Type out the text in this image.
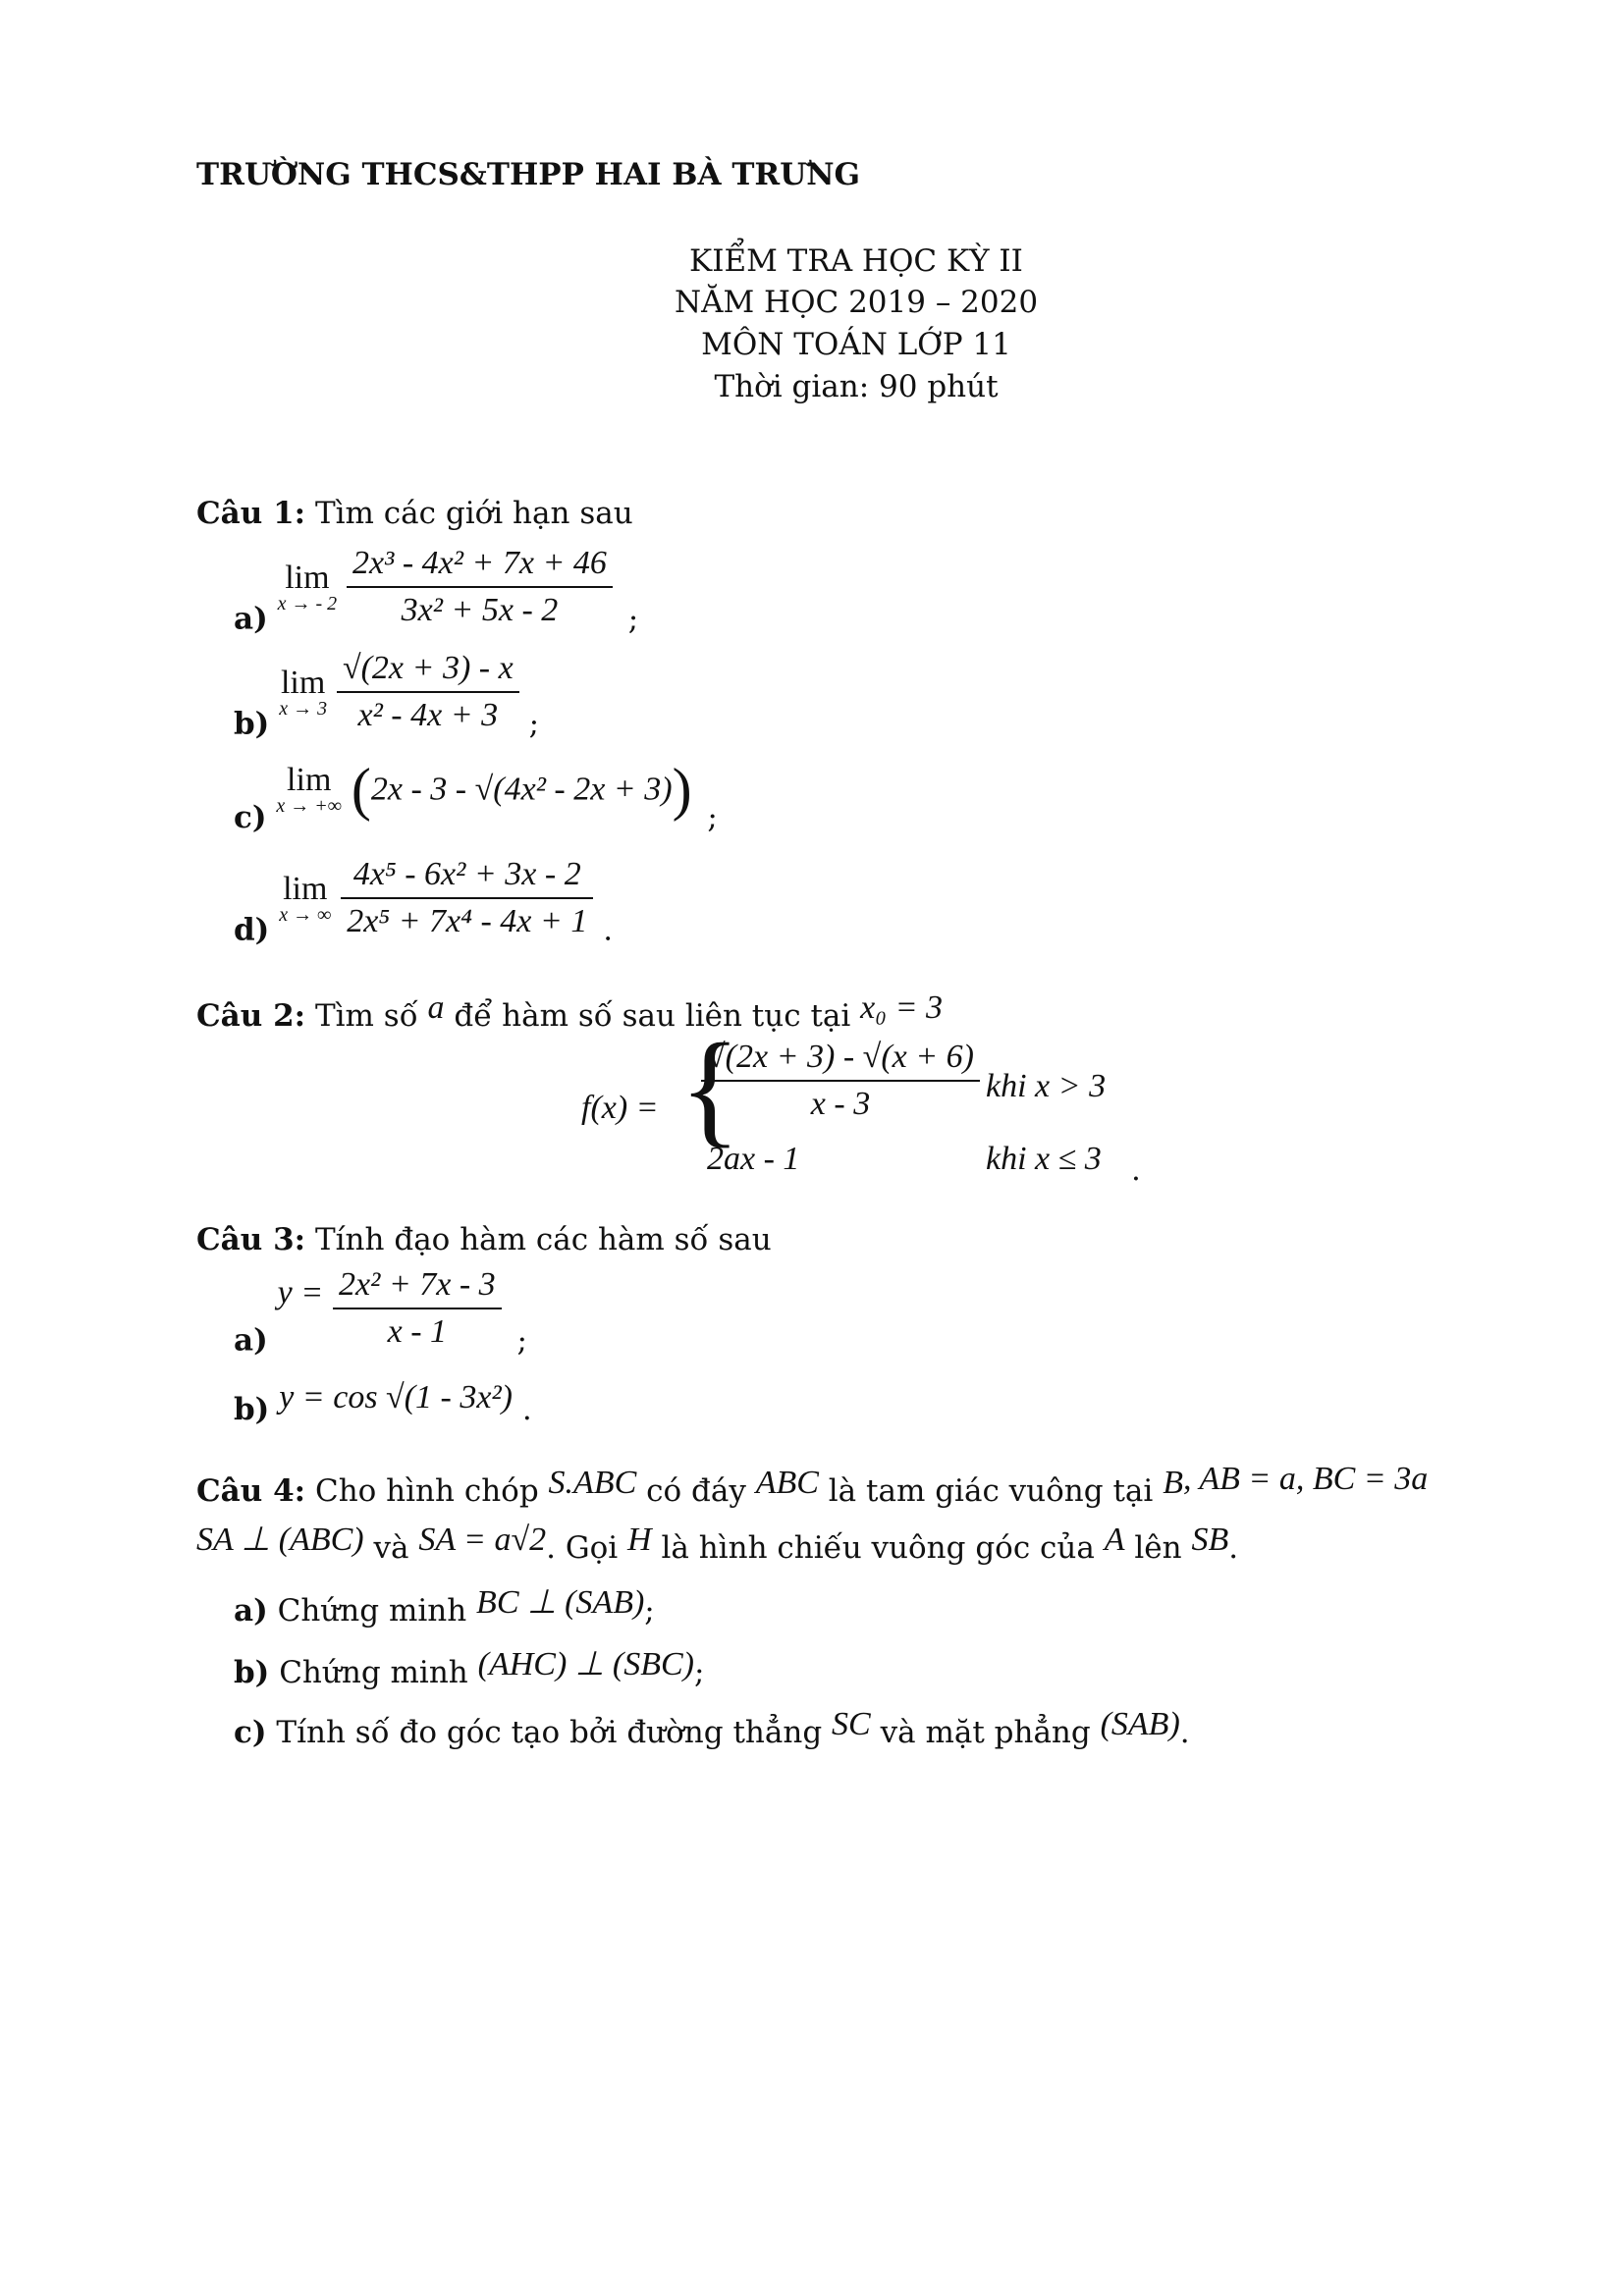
TRƯỜNG THCS&THPP HAI BÀ TRƯNG
KIỂM TRA HỌC KỲ II
NĂM HỌC 2019 – 2020
MÔN TOÁN LỚP 11
Thời gian: 90 phút
Câu 1: Tìm các giới hạn sau
a)
lim
x → - 2
$\frac{\text{2x³ - 4x² + 7x + 46}}{\text{3x² + 5x - 2}}$ ;
b)
lim
x → 3
$\frac{√(2x + 3) - x}{\text{x² - 4x + 3}}$ ;
c)
lim
x → +∞ (2x - 3 - √(4x² - 2x + 3)) ;
d)
lim
x → ∞
$\frac{\text{4x⁵ - 6x² + 3x - 2}}{\text{2x⁵ + 7x⁴ - 4x + 1}}$ .
Câu 2: Tìm số a để hàm số sau liên tục tại x₀ = 3
f(x) = {
$\frac{√(2x + 3) - √(x + 6)}{x - 3}$ khi x > 3
2ax - 1	khi x ≤ 3 .
Câu 3: Tính đạo hàm các hàm số sau
a) $y = \frac{\text{2x² + 7x - 3}}{x - 1}$ ;
b) y = cos √(1 - 3x²) .
Câu 4: Cho hình chóp S.ABC có đáy ABC là tam giác vuông tại B, AB = a, BC = 3a
SA ⊥ (ABC) và SA = a√2. Gọi H là hình chiếu vuông góc của A lên SB.
a) Chứng minh BC ⊥ (SAB);
b) Chứng minh (AHC) ⊥ (SBC);
c) Tính số đo góc tạo bởi đường thẳng SC và mặt phẳng (SAB).
